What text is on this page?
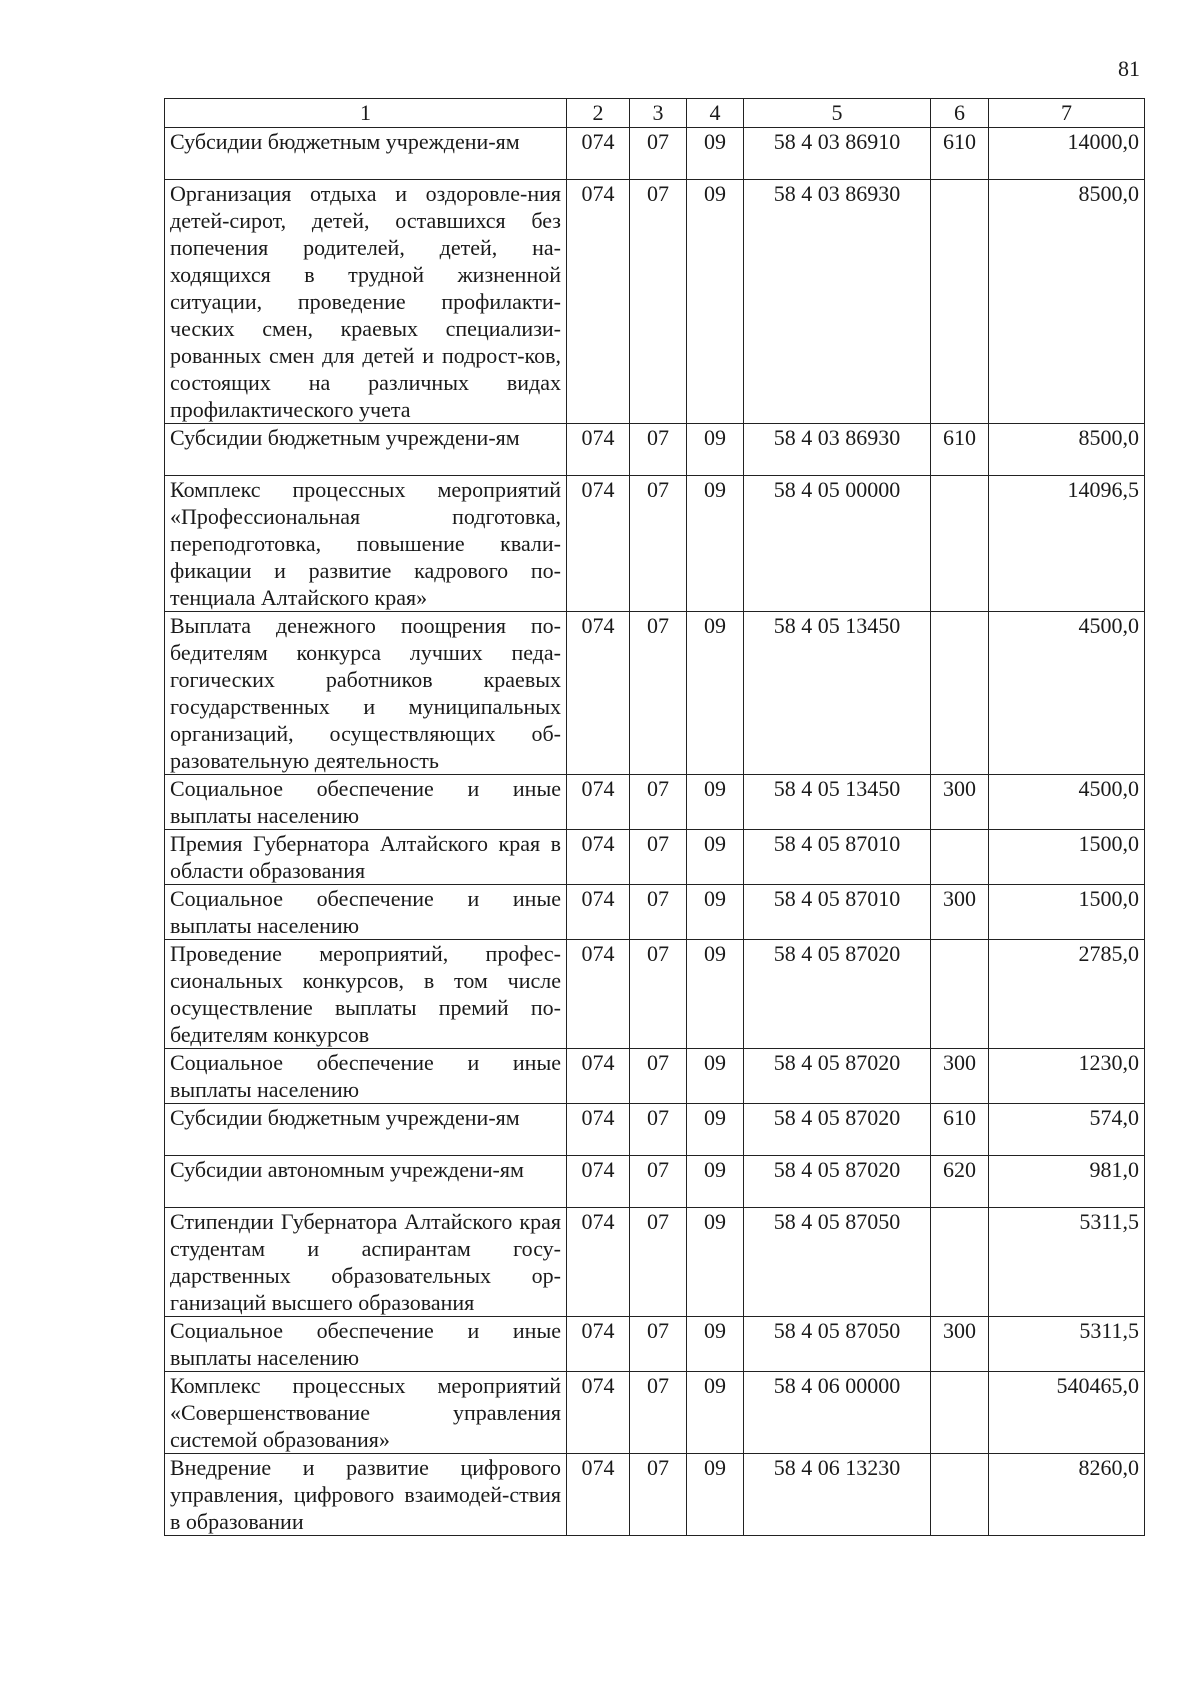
81
1	2	3	4	5	6	7
Субсидии бюджетным учреждени-ям	074	07	09	58 4 03 86910	610	14000,0
Организация отдыха и оздоровле-ния детей-сирот, детей, оставшихся без попечения родителей, детей, на-ходящихся в трудной жизненной ситуации, проведение профилакти-ческих смен, краевых специализи-рованных смен для детей и подрост-ков, состоящих на различных видах профилактического учета	074	07	09	58 4 03 86930		8500,0
Субсидии бюджетным учреждени-ям	074	07	09	58 4 03 86930	610	8500,0
Комплекс процессных мероприятий «Профессиональная подготовка, переподготовка, повышение квали-фикации и развитие кадрового по-тенциала Алтайского края»	074	07	09	58 4 05 00000		14096,5
Выплата денежного поощрения по-бедителям конкурса лучших педа-гогических работников краевых государственных и муниципальных организаций, осуществляющих об-разовательную деятельность	074	07	09	58 4 05 13450		4500,0
Социальное обеспечение и иные выплаты населению	074	07	09	58 4 05 13450	300	4500,0
Премия Губернатора Алтайского края в области образования	074	07	09	58 4 05 87010		1500,0
Социальное обеспечение и иные выплаты населению	074	07	09	58 4 05 87010	300	1500,0
Проведение мероприятий, профес-сиональных конкурсов, в том числе осуществление выплаты премий по-бедителям конкурсов	074	07	09	58 4 05 87020		2785,0
Социальное обеспечение и иные выплаты населению	074	07	09	58 4 05 87020	300	1230,0
Субсидии бюджетным учреждени-ям	074	07	09	58 4 05 87020	610	574,0
Субсидии автономным учреждени-ям	074	07	09	58 4 05 87020	620	981,0
Стипендии Губернатора Алтайского края студентам и аспирантам госу-дарственных образовательных ор-ганизаций высшего образования	074	07	09	58 4 05 87050		5311,5
Социальное обеспечение и иные выплаты населению	074	07	09	58 4 05 87050	300	5311,5
Комплекс процессных мероприятий «Совершенствование управления системой образования»	074	07	09	58 4 06 00000		540465,0
Внедрение и развитие цифрового управления, цифрового взаимодей-ствия в образовании	074	07	09	58 4 06 13230		8260,0
